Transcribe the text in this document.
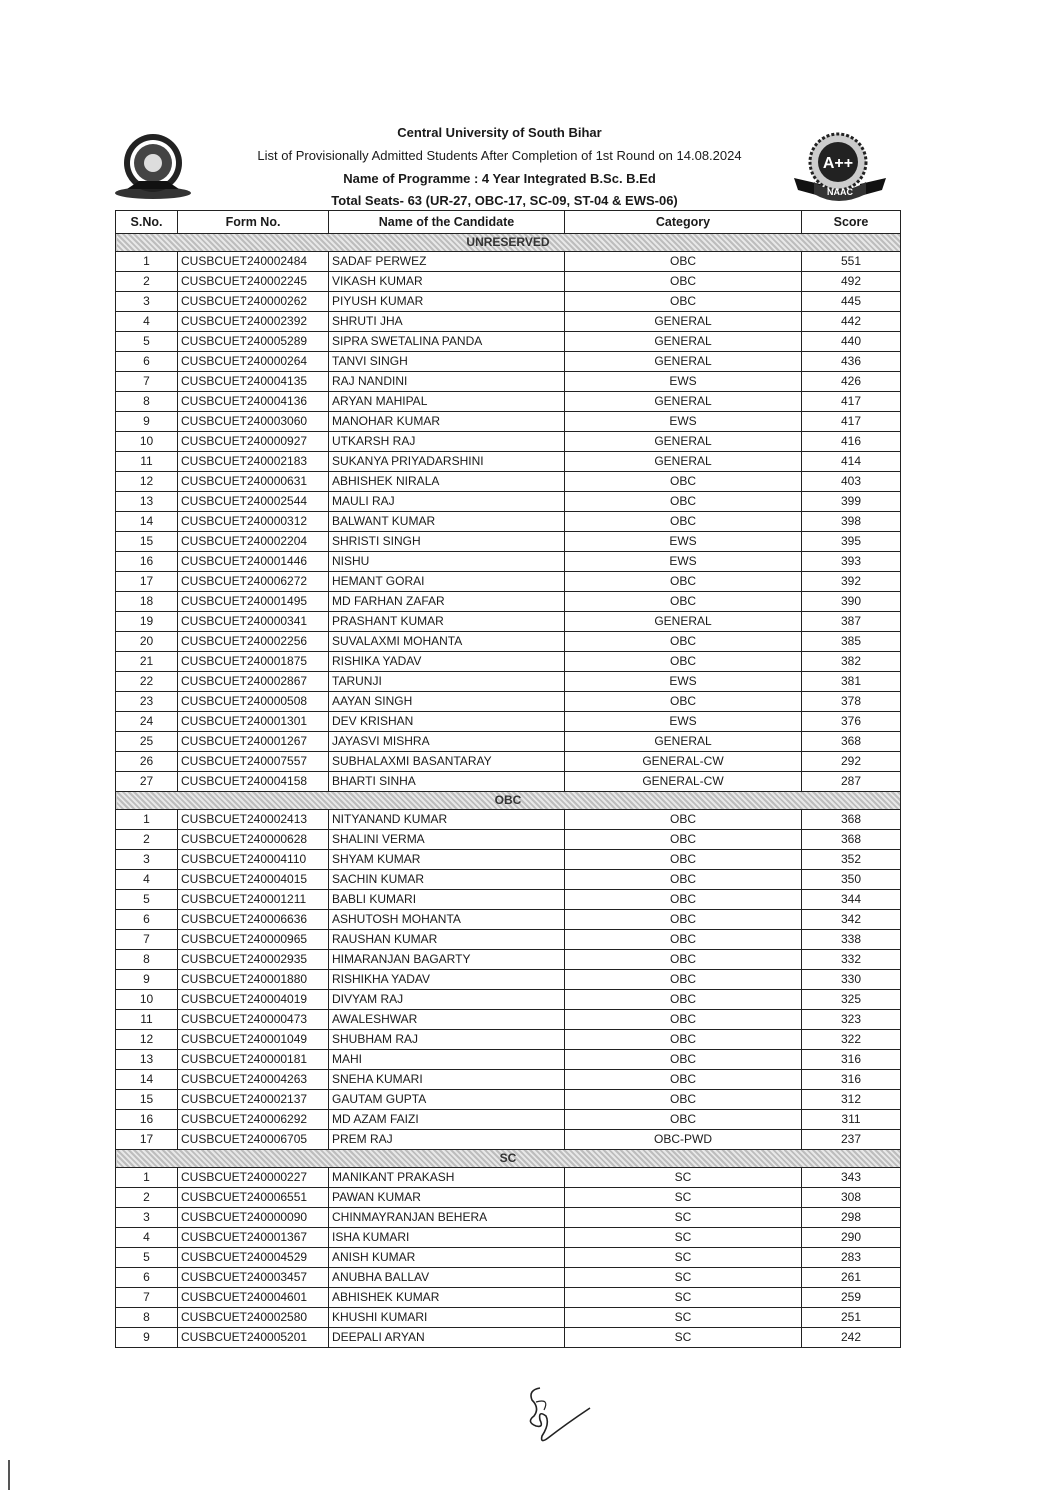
Central University of South Bihar
List of Provisionally Admitted Students After Completion of 1st Round on 14.08.2024
Name of Programme : 4 Year Integrated B.Sc. B.Ed
Total Seats- 63 (UR-27, OBC-17, SC-09, ST-04 & EWS-06)
A++
NAAC
S.No.	Form No.	Name of the Candidate	Category	Score
UNRESERVED				
1	CUSBCUET240002484	SADAF PERWEZ	OBC	551
2	CUSBCUET240002245	VIKASH KUMAR	OBC	492
3	CUSBCUET240000262	PIYUSH KUMAR	OBC	445
4	CUSBCUET240002392	SHRUTI JHA	GENERAL	442
5	CUSBCUET240005289	SIPRA SWETALINA PANDA	GENERAL	440
6	CUSBCUET240000264	TANVI SINGH	GENERAL	436
7	CUSBCUET240004135	RAJ NANDINI	EWS	426
8	CUSBCUET240004136	ARYAN MAHIPAL	GENERAL	417
9	CUSBCUET240003060	MANOHAR KUMAR	EWS	417
10	CUSBCUET240000927	UTKARSH RAJ	GENERAL	416
11	CUSBCUET240002183	SUKANYA PRIYADARSHINI	GENERAL	414
12	CUSBCUET240000631	ABHISHEK NIRALA	OBC	403
13	CUSBCUET240002544	MAULI RAJ	OBC	399
14	CUSBCUET240000312	BALWANT KUMAR	OBC	398
15	CUSBCUET240002204	SHRISTI SINGH	EWS	395
16	CUSBCUET240001446	NISHU	EWS	393
17	CUSBCUET240006272	HEMANT GORAI	OBC	392
18	CUSBCUET240001495	MD FARHAN ZAFAR	OBC	390
19	CUSBCUET240000341	PRASHANT KUMAR	GENERAL	387
20	CUSBCUET240002256	SUVALAXMI MOHANTA	OBC	385
21	CUSBCUET240001875	RISHIKA YADAV	OBC	382
22	CUSBCUET240002867	TARUNJI	EWS	381
23	CUSBCUET240000508	AAYAN SINGH	OBC	378
24	CUSBCUET240001301	DEV KRISHAN	EWS	376
25	CUSBCUET240001267	JAYASVI MISHRA	GENERAL	368
26	CUSBCUET240007557	SUBHALAXMI BASANTARAY	GENERAL-CW	292
27	CUSBCUET240004158	BHARTI SINHA	GENERAL-CW	287
OBC				
1	CUSBCUET240002413	NITYANAND KUMAR	OBC	368
2	CUSBCUET240000628	SHALINI VERMA	OBC	368
3	CUSBCUET240004110	SHYAM KUMAR	OBC	352
4	CUSBCUET240004015	SACHIN KUMAR	OBC	350
5	CUSBCUET240001211	BABLI KUMARI	OBC	344
6	CUSBCUET240006636	ASHUTOSH MOHANTA	OBC	342
7	CUSBCUET240000965	RAUSHAN KUMAR	OBC	338
8	CUSBCUET240002935	HIMARANJAN BAGARTY	OBC	332
9	CUSBCUET240001880	RISHIKHA YADAV	OBC	330
10	CUSBCUET240004019	DIVYAM RAJ	OBC	325
11	CUSBCUET240000473	AWALESHWAR	OBC	323
12	CUSBCUET240001049	SHUBHAM RAJ	OBC	322
13	CUSBCUET240000181	MAHI	OBC	316
14	CUSBCUET240004263	SNEHA KUMARI	OBC	316
15	CUSBCUET240002137	GAUTAM GUPTA	OBC	312
16	CUSBCUET240006292	MD AZAM FAIZI	OBC	311
17	CUSBCUET240006705	PREM RAJ	OBC-PWD	237
SC				
1	CUSBCUET240000227	MANIKANT PRAKASH	SC	343
2	CUSBCUET240006551	PAWAN KUMAR	SC	308
3	CUSBCUET240000090	CHINMAYRANJAN BEHERA	SC	298
4	CUSBCUET240001367	ISHA KUMARI	SC	290
5	CUSBCUET240004529	ANISH KUMAR	SC	283
6	CUSBCUET240003457	ANUBHA BALLAV	SC	261
7	CUSBCUET240004601	ABHISHEK KUMAR	SC	259
8	CUSBCUET240002580	KHUSHI KUMARI	SC	251
9	CUSBCUET240005201	DEEPALI ARYAN	SC	242
